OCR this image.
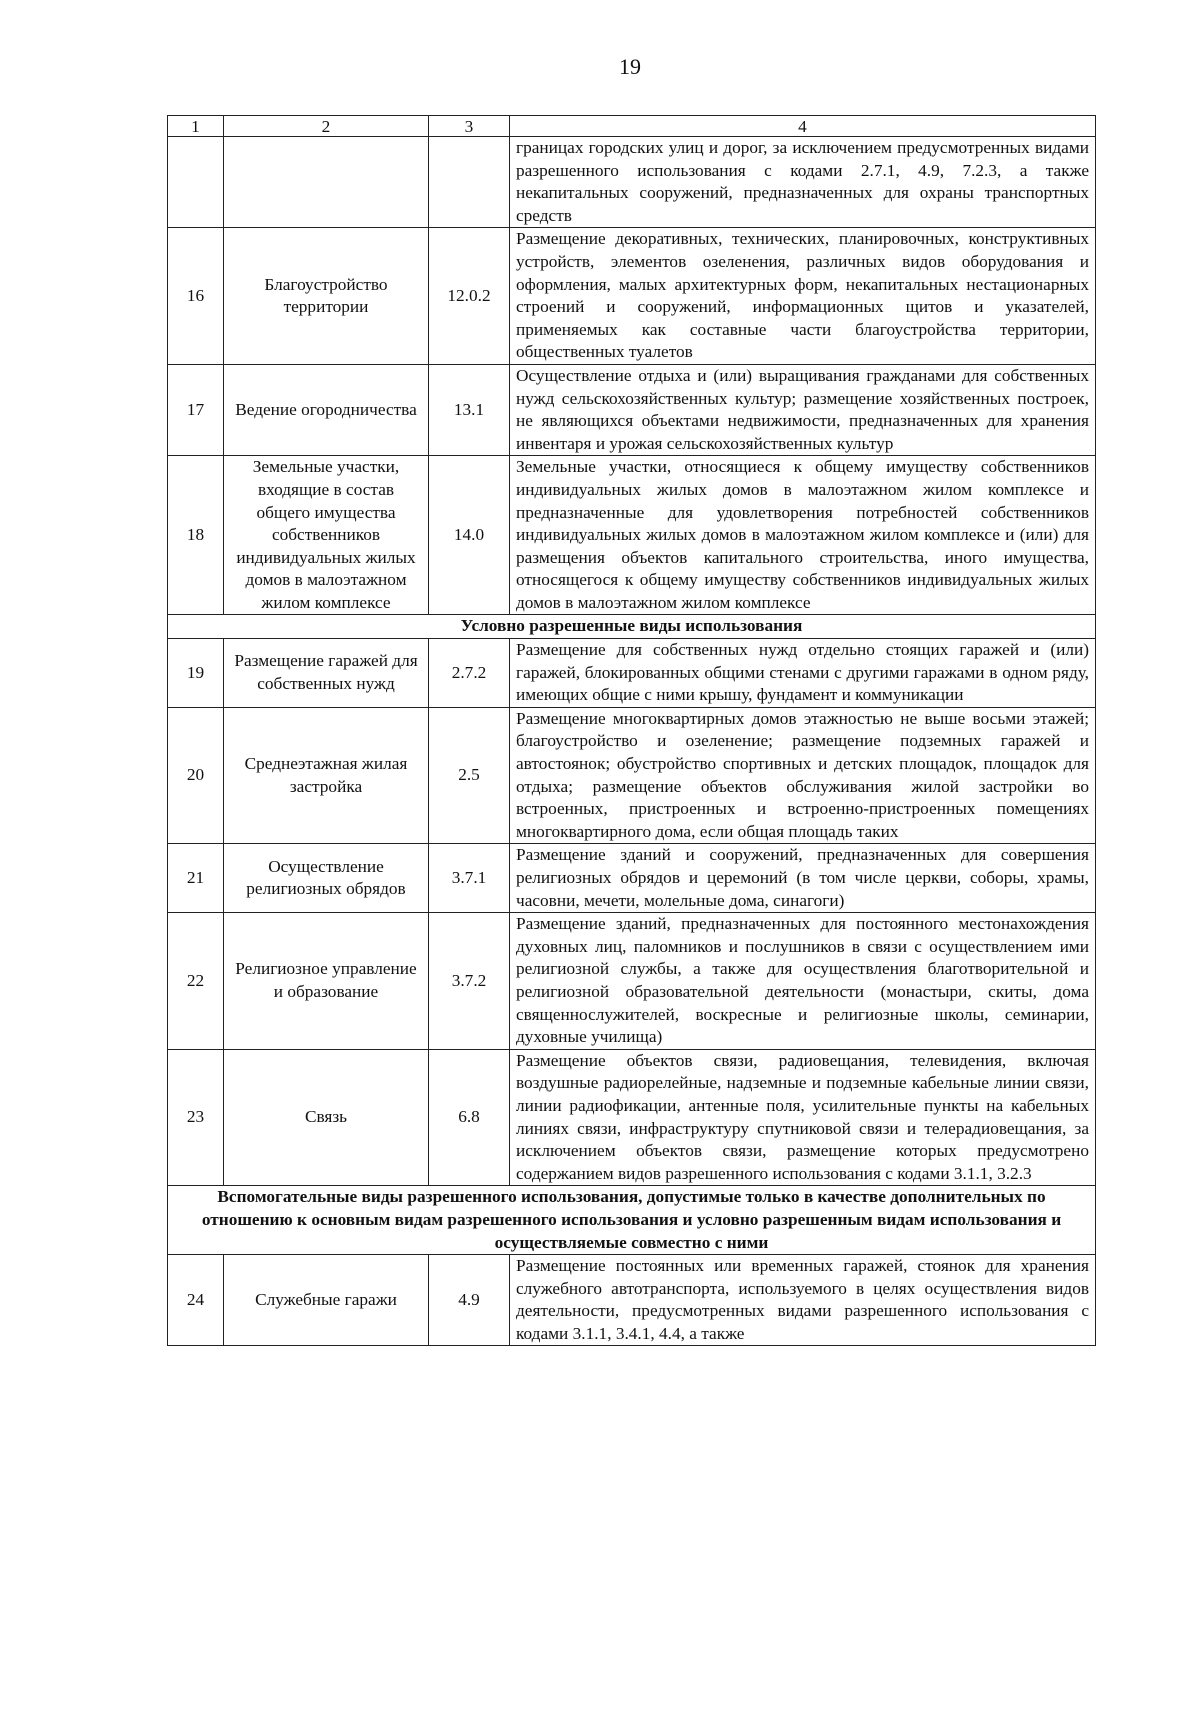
19
1	2	3	4
			границах городских улиц и дорог, за исключением предусмотренных видами разрешенного использования с кодами 2.7.1, 4.9, 7.2.3, а также некапитальных сооружений, предназначенных для охраны транспортных средств
16	Благоустройство территории	12.0.2	Размещение декоративных, технических, планировочных, конструктивных устройств, элементов озеленения, различных видов оборудования и оформления, малых архитектурных форм, некапитальных нестационарных строений и сооружений, информационных щитов и указателей, применяемых как составные части благоустройства территории, общественных туалетов
17	Ведение огородничества	13.1	Осуществление отдыха и (или) выращивания гражданами для собственных нужд сельскохозяйственных культур; размещение хозяйственных построек, не являющихся объектами недвижимости, предназначенных для хранения инвентаря и урожая сельскохозяйственных культур
18	Земельные участки, входящие в состав общего имущества собственников индивидуальных жилых домов в малоэтажном жилом комплексе	14.0	Земельные участки, относящиеся к общему имуществу собственников индивидуальных жилых домов в малоэтажном жилом комплексе и предназначенные для удовлетворения потребностей собственников индивидуальных жилых домов в малоэтажном жилом комплексе и (или) для размещения объектов капитального строительства, иного имущества, относящегося к общему имуществу собственников индивидуальных жилых домов в малоэтажном жилом комплексе
Условно разрешенные виды использования			
19	Размещение гаражей для собственных нужд	2.7.2	Размещение для собственных нужд отдельно стоящих гаражей и (или) гаражей, блокированных общими стенами с другими гаражами в одном ряду, имеющих общие с ними крышу, фундамент и коммуникации
20	Среднеэтажная жилая застройка	2.5	Размещение многоквартирных домов этажностью не выше восьми этажей; благоустройство и озеленение; размещение подземных гаражей и автостоянок; обустройство спортивных и детских площадок, площадок для отдыха; размещение объектов обслуживания жилой застройки во встроенных, пристроенных и встроенно-пристроенных помещениях многоквартирного дома, если общая площадь таких
21	Осуществление религиозных обрядов	3.7.1	Размещение зданий и сооружений, предназначенных для совершения религиозных обрядов и церемоний (в том числе церкви, соборы, храмы, часовни, мечети, молельные дома, синагоги)
22	Религиозное управление и образование	3.7.2	Размещение зданий, предназначенных для постоянного местонахождения духовных лиц, паломников и послушников в связи с осуществлением ими религиозной службы, а также для осуществления благотворительной и религиозной образовательной деятельности (монастыри, скиты, дома священнослужителей, воскресные и религиозные школы, семинарии, духовные училища)
23	Связь	6.8	Размещение объектов связи, радиовещания, телевидения, включая воздушные радиорелейные, надземные и подземные кабельные линии связи, линии радиофикации, антенные поля, усилительные пункты на кабельных линиях связи, инфраструктуру спутниковой связи и телерадиовещания, за исключением объектов связи, размещение которых предусмотрено содержанием видов разрешенного использования с кодами 3.1.1, 3.2.3
Вспомогательные виды разрешенного использования, допустимые только в качестве дополнительных по отношению к основным видам разрешенного использования и условно разрешенным видам использования и осуществляемые совместно с ними			
24	Служебные гаражи	4.9	Размещение постоянных или временных гаражей, стоянок для хранения служебного автотранспорта, используемого в целях осуществления видов деятельности, предусмотренных видами разрешенного использования с кодами 3.1.1, 3.4.1, 4.4, а также
